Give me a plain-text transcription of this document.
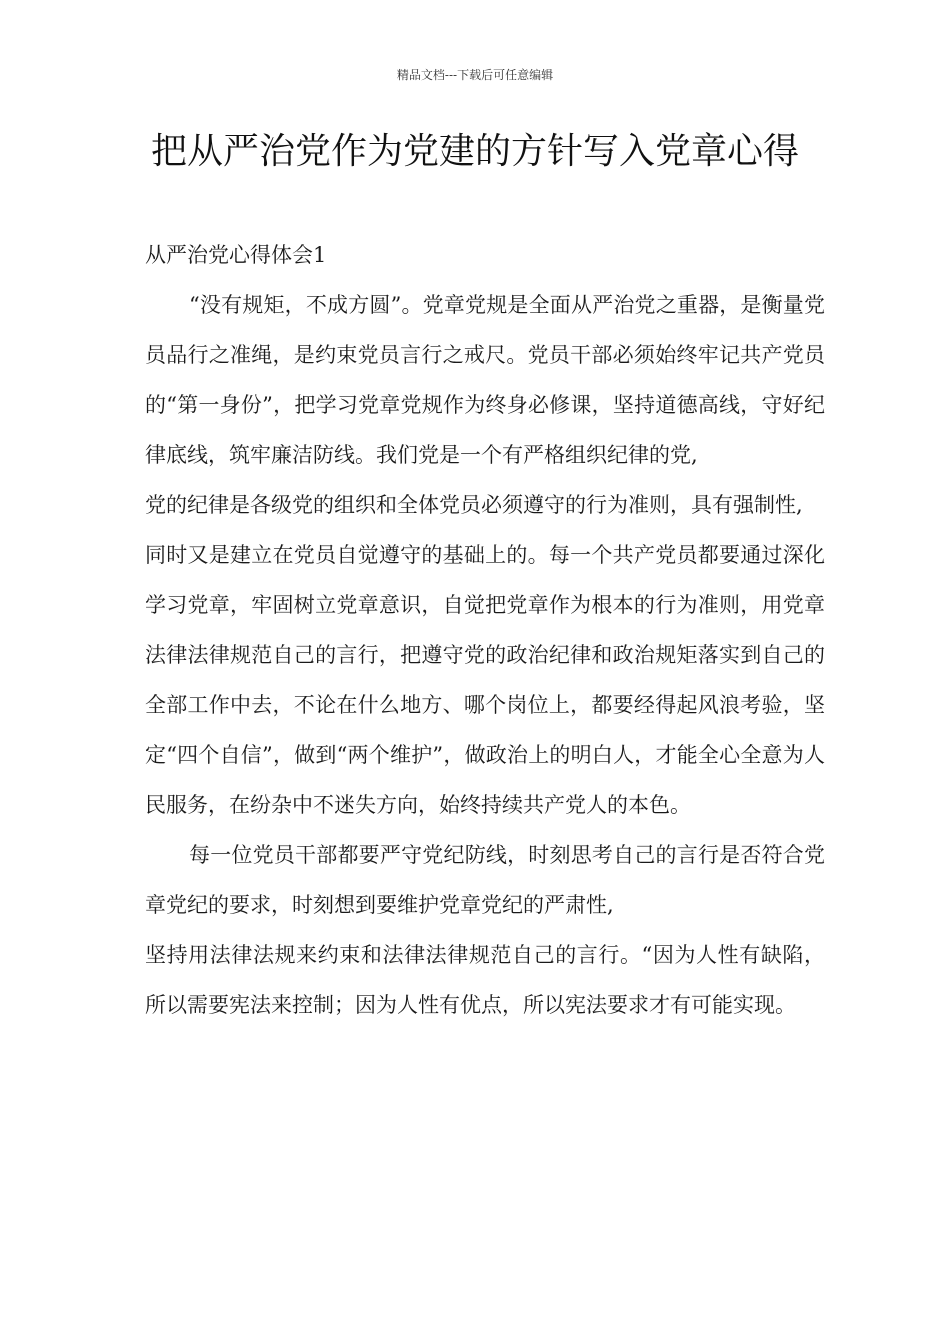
精品文档---下载后可任意编辑
把从严治党作为党建的方针写入党章心得

从严治党心得体会1

“没有规矩，不成方圆”。党章党规是全面从严治党之重器，是衡量党员品行之准绳，是约束党员言行之戒尺。党员干部必须始终牢记共产党员的“第一身份”，把学习党章党规作为终身必修课，坚持道德高线，守好纪律底线，筑牢廉洁防线。我们党是一个有严格组织纪律的党,

党的纪律是各级党的组织和全体党员必须遵守的行为准则，具有强制性,

同时又是建立在党员自觉遵守的基础上的。每一个共产党员都要通过深化学习党章，牢固树立党章意识，自觉把党章作为根本的行为准则，用党章法律法律规范自己的言行，把遵守党的政治纪律和政治规矩落实到自己的全部工作中去，不论在什么地方、哪个岗位上，都要经得起风浪考验，坚定“四个自信”，做到“两个维护”，做政治上的明白人，才能全心全意为人民服务，在纷杂中不迷失方向，始终持续共产党人的本色。

每一位党员干部都要严守党纪防线，时刻思考自己的言行是否符合党章党纪的要求，时刻想到要维护党章党纪的严肃性,

坚持用法律法规来约束和法律法律规范自己的言行。“因为人性有缺陷，所以需要宪法来控制；因为人性有优点，所以宪法要求才有可能实现。
